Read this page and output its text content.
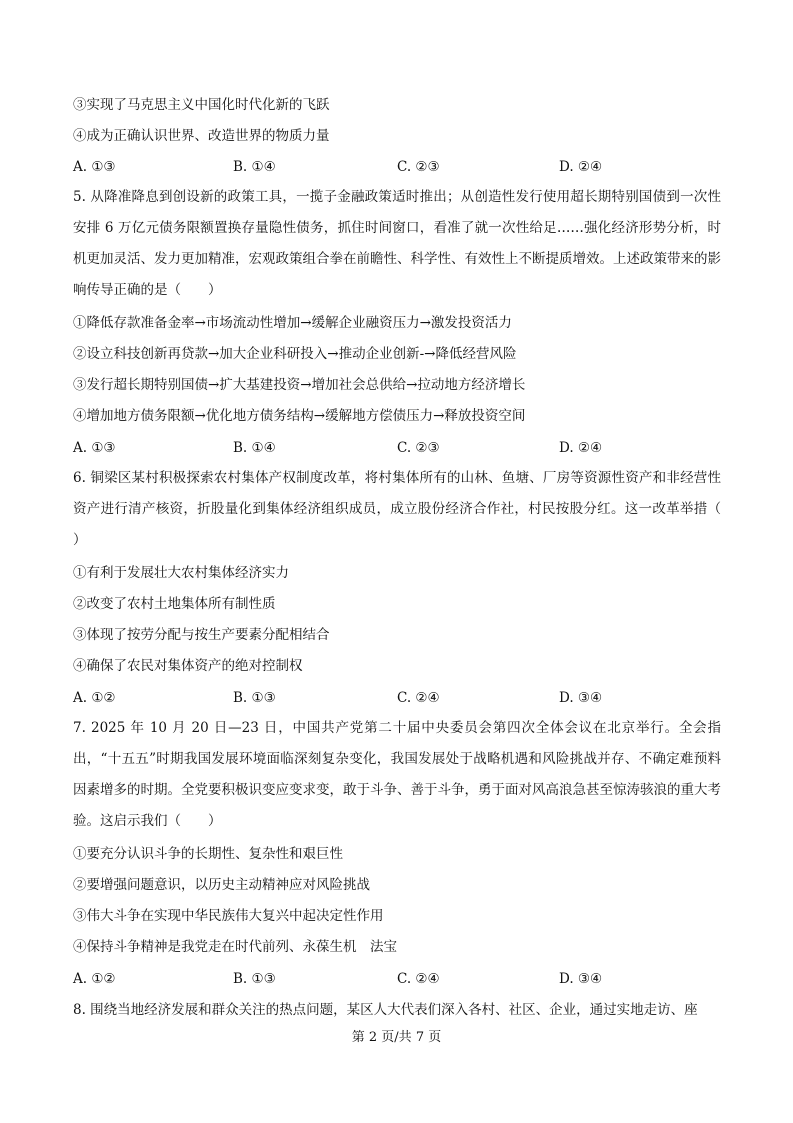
③实现了马克思主义中国化时代化新的飞跃
④成为正确认识世界、改造世界的物质力量
A. ①③	B. ①④	C. ②③	D. ②④
5. 从降准降息到创设新的政策工具，一揽子金融政策适时推出；从创造性发行使用超长期特别国债到一次性安排 6 万亿元债务限额置换存量隐性债务，抓住时间窗口，看准了就一次性给足……强化经济形势分析，时机更加灵活、发力更加精准，宏观政策组合拳在前瞻性、科学性、有效性上不断提质增效。上述政策带来的影响传导正确的是（　　）
①降低存款准备金率→市场流动性增加→缓解企业融资压力→激发投资活力
②设立科技创新再贷款→加大企业科研投入→推动企业创新-→降低经营风险
③发行超长期特别国债→扩大基建投资→增加社会总供给→拉动地方经济增长
④增加地方债务限额→优化地方债务结构→缓解地方偿债压力→释放投资空间
A. ①③	B. ①④	C. ②③	D. ②④
6. 铜梁区某村积极探索农村集体产权制度改革，将村集体所有的山林、鱼塘、厂房等资源性资产和非经营性资产进行清产核资，折股量化到集体经济组织成员，成立股份经济合作社，村民按股分红。这一改革举措（　　）
①有利于发展壮大农村集体经济实力
②改变了农村土地集体所有制性质
③体现了按劳分配与按生产要素分配相结合
④确保了农民对集体资产的绝对控制权
A. ①②	B. ①③	C. ②④	D. ③④
7. 2025 年 10 月 20 日—23 日，中国共产党第二十届中央委员会第四次全体会议在北京举行。全会指出，“十五五”时期我国发展环境面临深刻复杂变化，我国发展处于战略机遇和风险挑战并存、不确定难预料因素增多的时期。全党要积极识变应变求变，敢于斗争、善于斗争，勇于面对风高浪急甚至惊涛骇浪的重大考验。这启示我们（　　）
①要充分认识斗争的长期性、复杂性和艰巨性
②要增强问题意识，以历史主动精神应对风险挑战
③伟大斗争在实现中华民族伟大复兴中起决定性作用
④保持斗争精神是我党走在时代前列、永葆生机　法宝
A. ①②	B. ①③	C. ②④	D. ③④
8. 围绕当地经济发展和群众关注的热点问题，某区人大代表们深入各村、社区、企业，通过实地走访、座
第 2 页/共 7 页
